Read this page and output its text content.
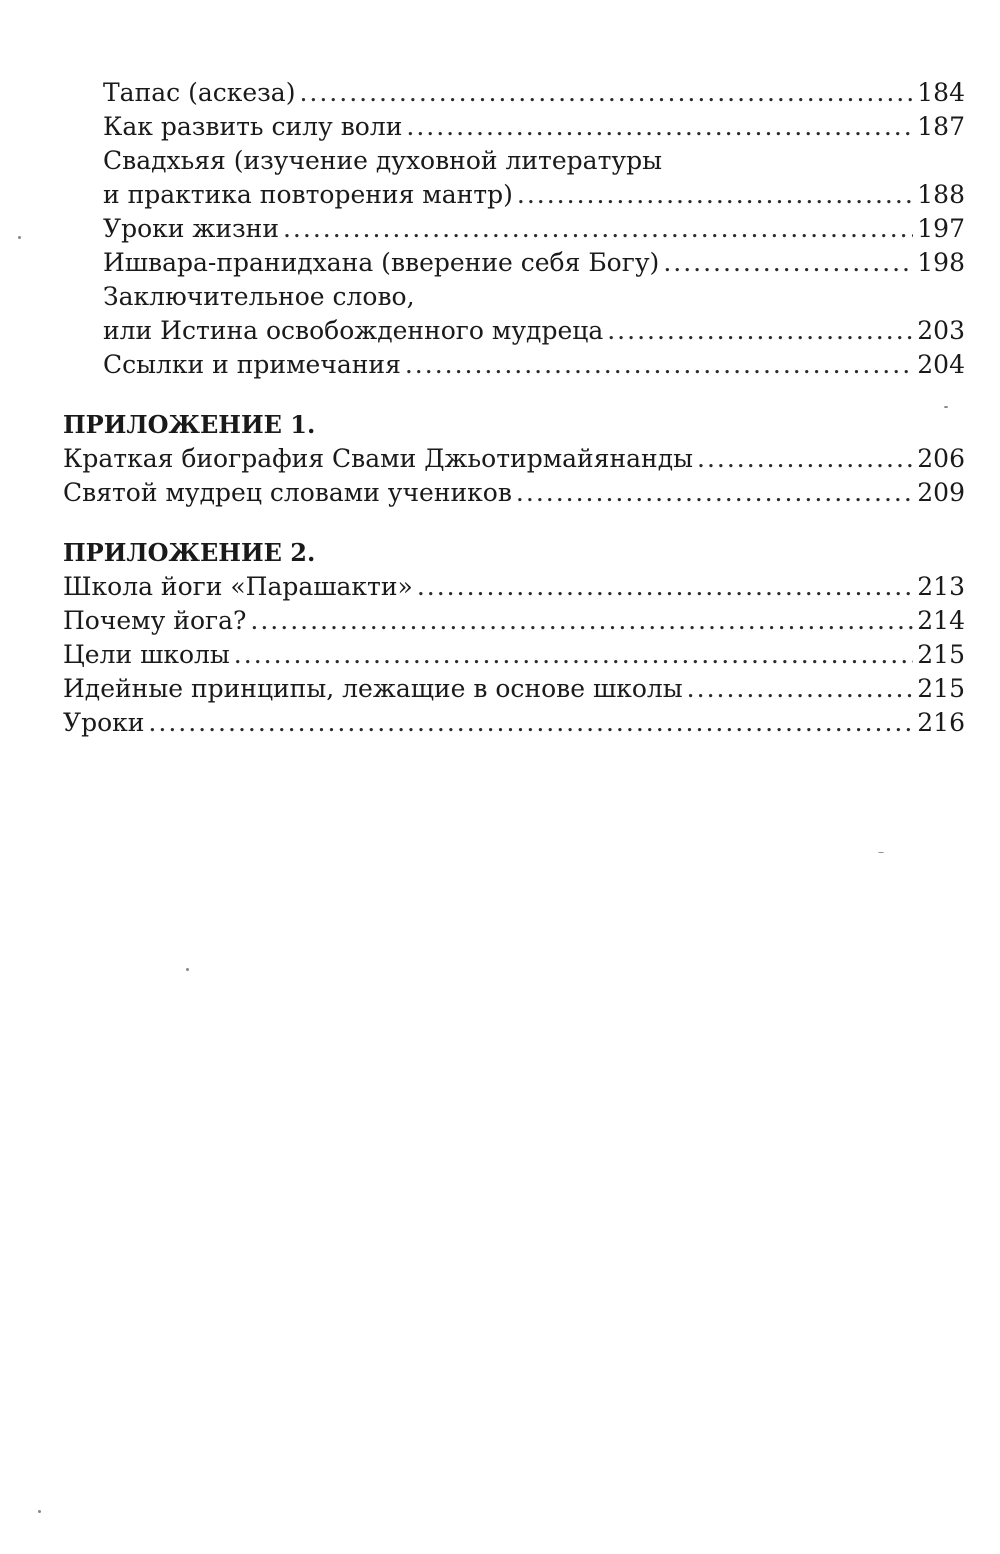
Тапас (аскеза) .....	184
Как развить силу воли .....	187
Свадхьяя (изучение духовной литературы
и практика повторения мантр) .....	188
Уроки жизни .....	197
Ишвара-пранидхана (вверение себя Богу) .....	198
Заключительное слово,
или Истина освобожденного мудреца .....	203
Ссылки и примечания .....	204
ПРИЛОЖЕНИЕ 1.
Краткая биография Свами Джьотирмайянанды .....	206
Святой мудрец словами учеников .....	209
ПРИЛОЖЕНИЕ 2.
Школа йоги «Парашакти» .....	213
Почему йога? .....	214
Цели школы .....	215
Идейные принципы, лежащие в основе школы .....	215
Уроки .....	216
